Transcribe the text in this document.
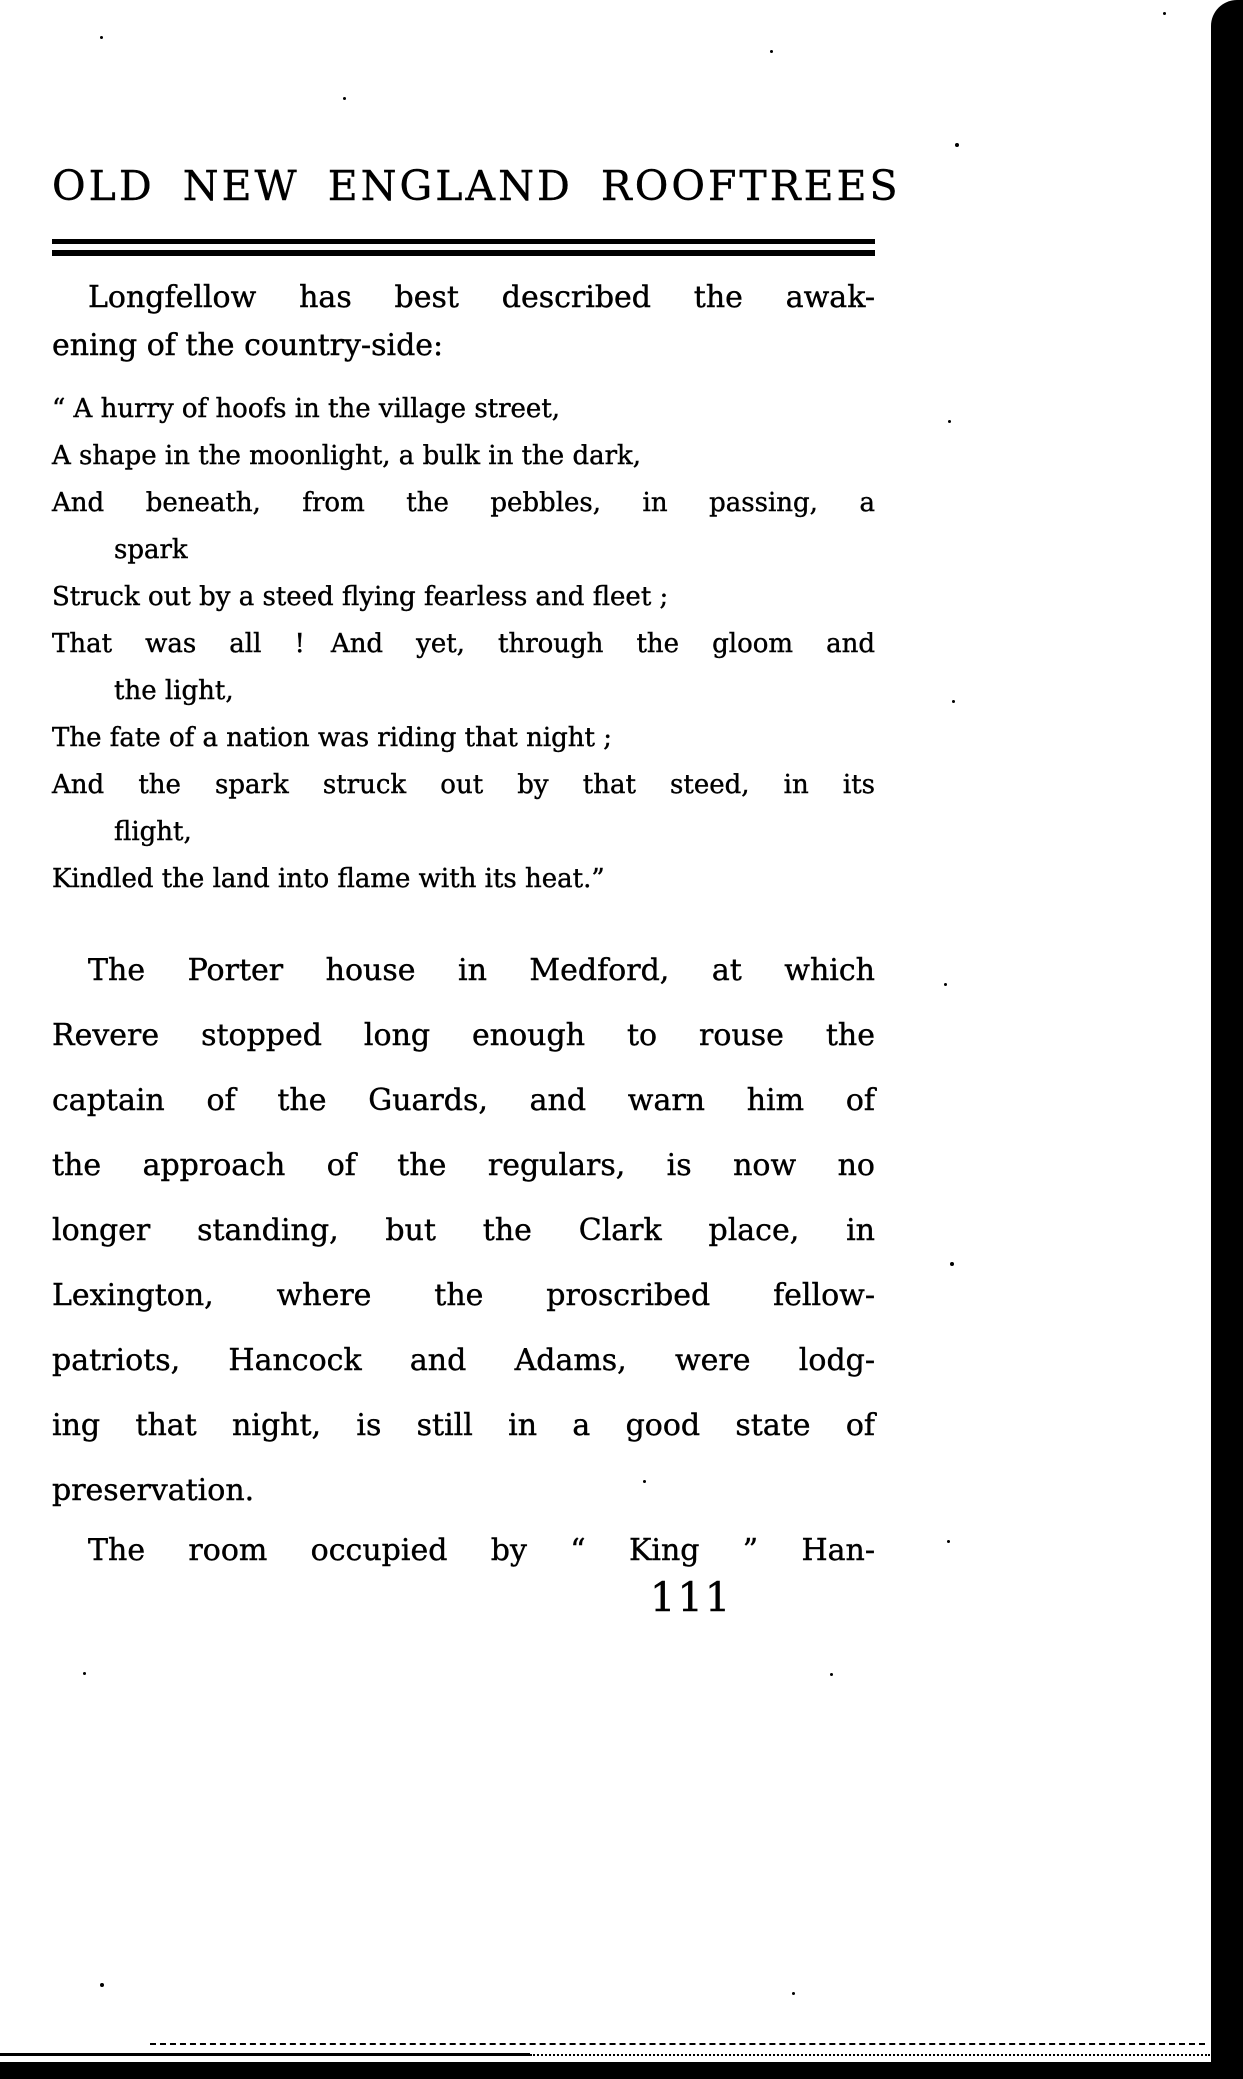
OLD NEW ENGLAND ROOFTREES
Longfellow has best described the awak-
ening of the country-side:
“ A hurry of hoofs in the village street,
A shape in the moonlight, a bulk in the dark,
And beneath, from the pebbles, in passing, a
spark
Struck out by a steed flying fearless and fleet ;
That was all ! And yet, through the gloom and
the light,
The fate of a nation was riding that night ;
And the spark struck out by that steed, in its
flight,
Kindled the land into flame with its heat.”
The Porter house in Medford, at which
Revere stopped long enough to rouse the
captain of the Guards, and warn him of
the approach of the regulars, is now no
longer standing, but the Clark place, in
Lexington, where the proscribed fellow-
patriots, Hancock and Adams, were lodg-
ing that night, is still in a good state of
preservation.
The room occupied by “ King ” Han-
111
